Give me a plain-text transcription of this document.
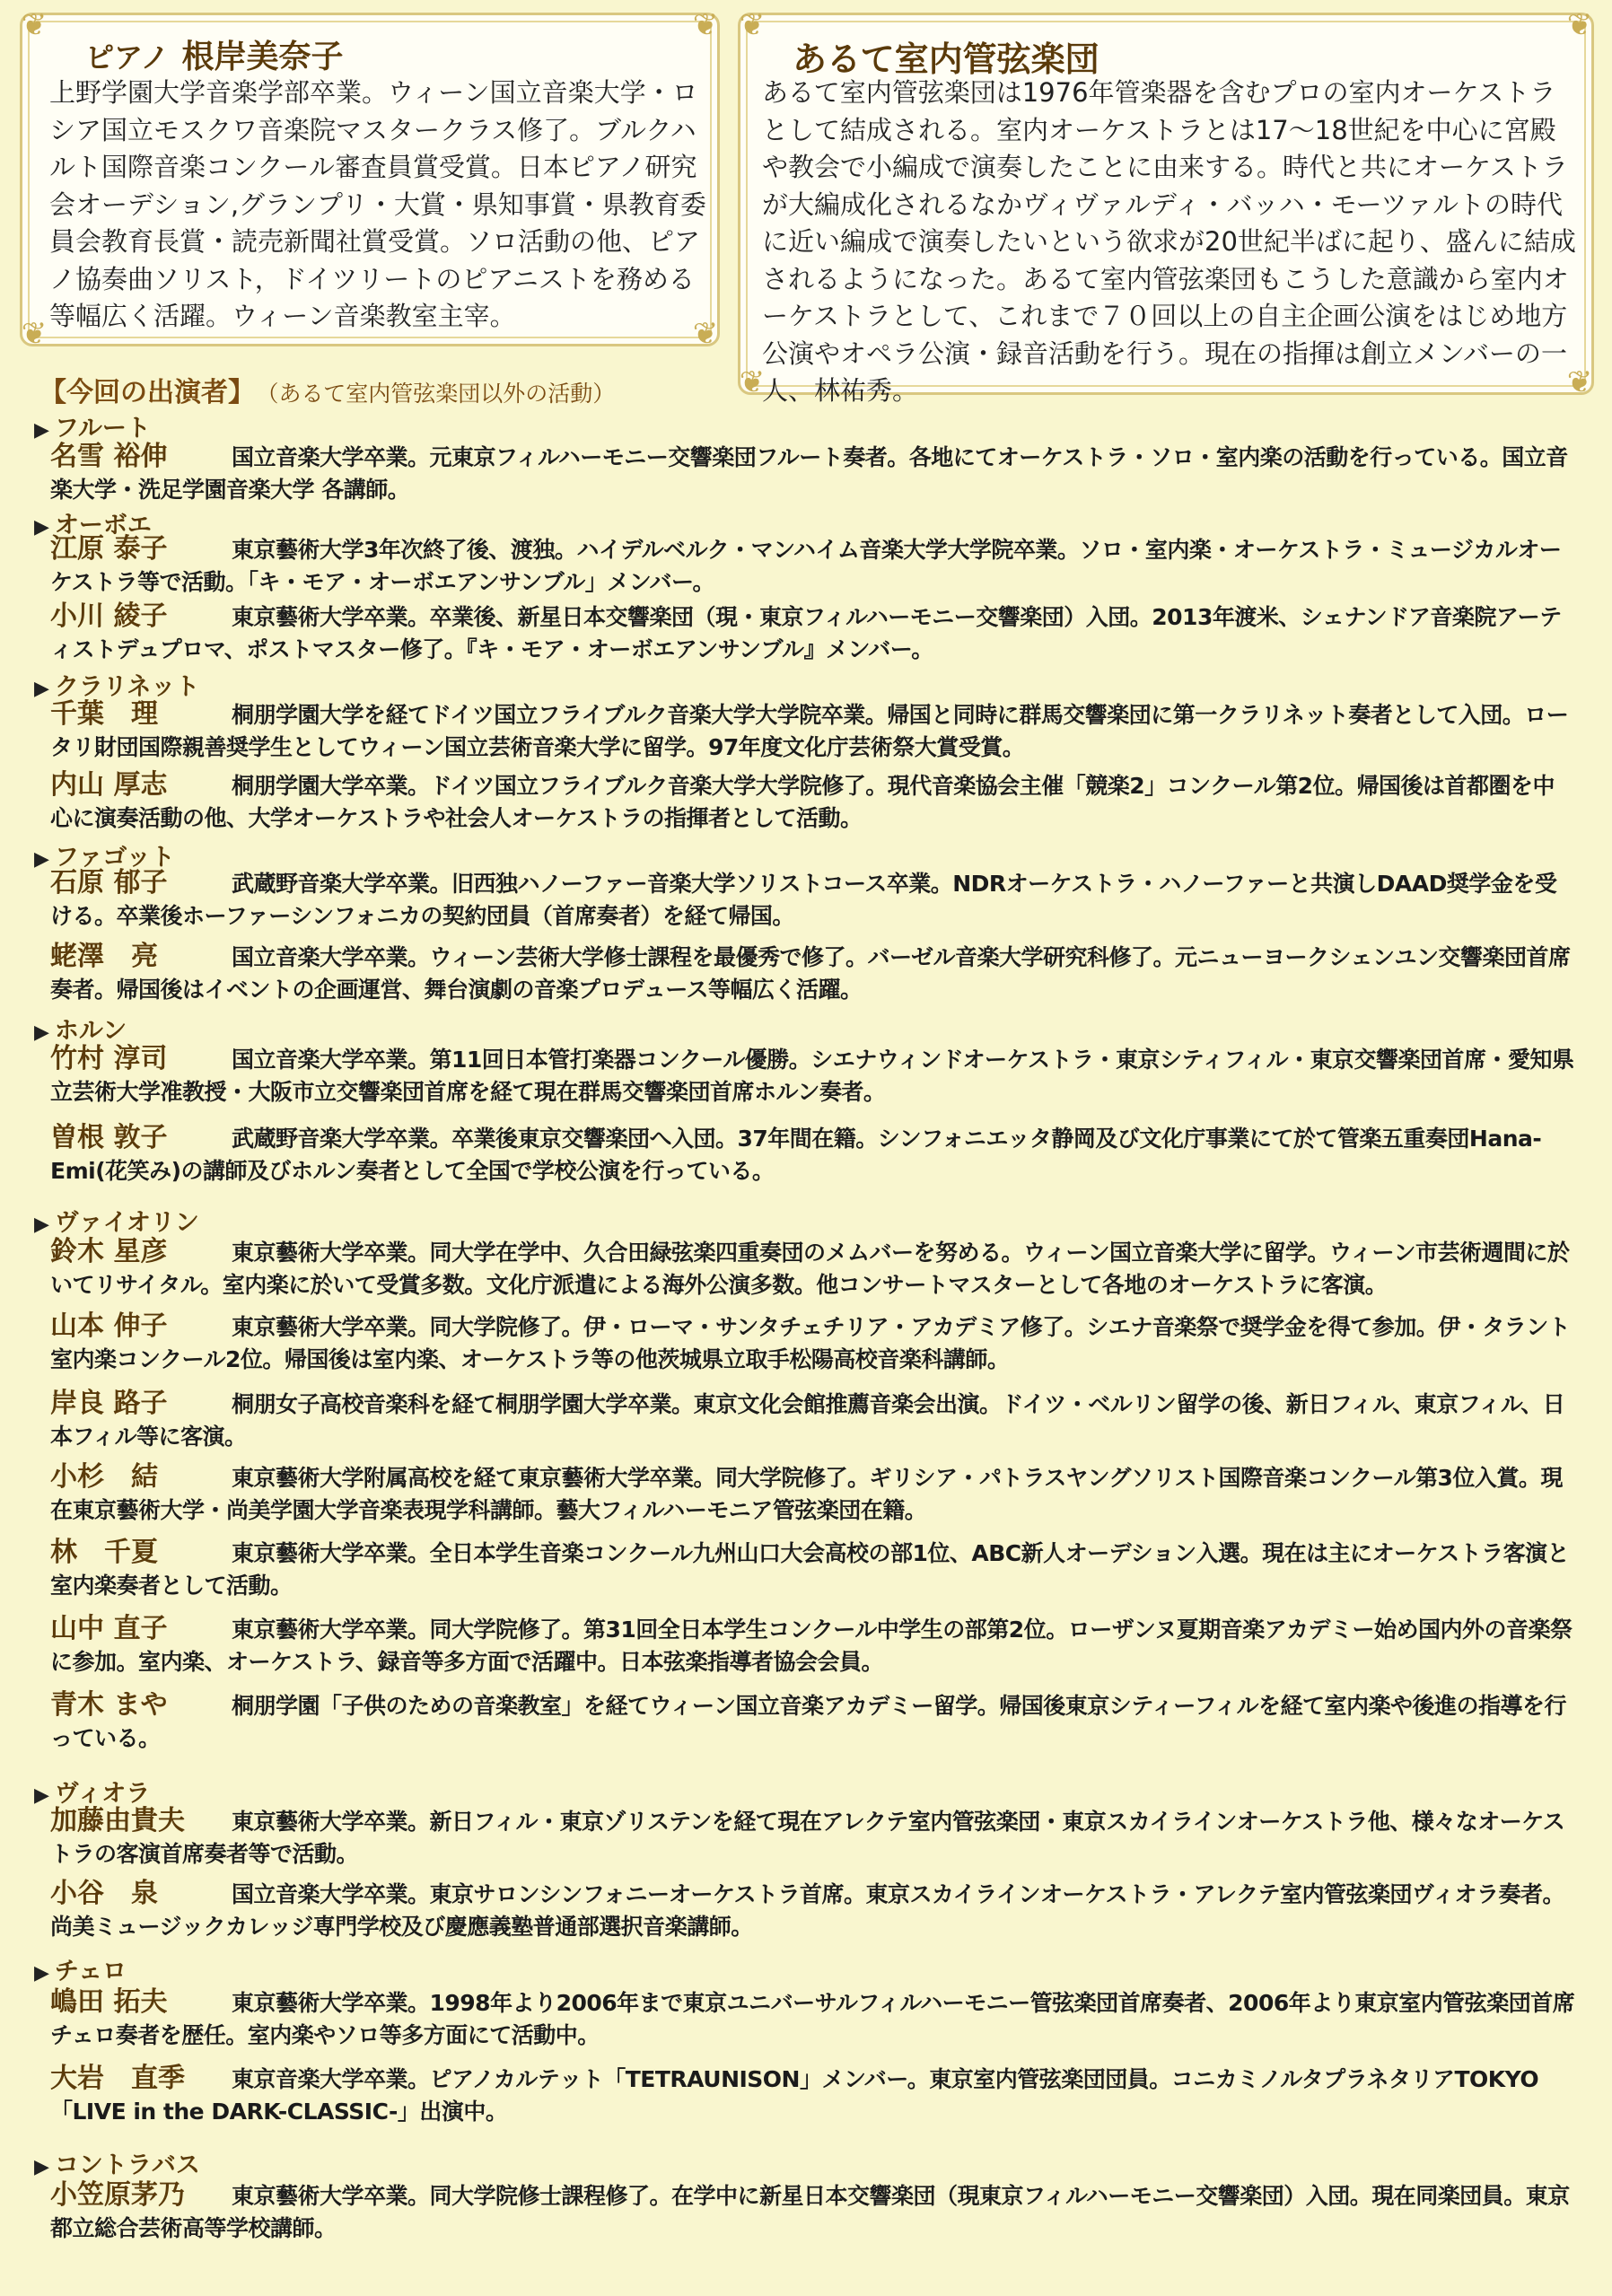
❦	❦
❦	❦
ピアノ 根岸美奈子
上野学園大学音楽学部卒業。ウィーン国立音楽大学・ロシア国立モスクワ音楽院マスタークラス修了。ブルクハルト国際音楽コンクール審査員賞受賞。日本ピアノ研究会オーデション,グランプリ・大賞・県知事賞・県教育委員会教育長賞・読売新聞社賞受賞。ソロ活動の他、ピアノ協奏曲ソリスト，ドイツリートのピアニストを務める等幅広く活躍。ウィーン音楽教室主宰。
❦	❦
❦	❦
あるて室内管弦楽団
あるて室内管弦楽団は1976年管楽器を含むプロの室内オーケストラとして結成される。室内オーケストラとは17〜18世紀を中心に宮殿や教会で小編成で演奏したことに由来する。時代と共にオーケストラが大編成化されるなかヴィヴァルディ・バッハ・モーツァルトの時代に近い編成で演奏したいという欲求が20世紀半ばに起り、盛んに結成されるようになった。あるて室内管弦楽団もこうした意識から室内オーケストラとして、これまで７０回以上の自主企画公演をはじめ地方公演やオペラ公演・録音活動を行う。現在の指揮は創立メンバーの一人、林祐秀。
【今回の出演者】 （あるて室内管弦楽団以外の活動）
▶ フルート
▶ オーボエ
▶ クラリネット
▶ ファゴット
▶ ホルン
▶ ヴァイオリン
▶ ヴィオラ
▶ チェロ
▶ コントラバス
名雪 裕伸	国立音楽大学卒業。元東京フィルハーモニー交響楽団フルート奏者。各地にてオーケストラ・ソロ・室内楽の活動を行っている。国立音楽大学・洗足学園音楽大学 各講師。
江原 泰子	東京藝術大学3年次終了後、渡独。ハイデルベルク・マンハイム音楽大学大学院卒業。ソロ・室内楽・オーケストラ・ミュージカルオーケストラ等で活動。「キ・モア・オーボエアンサンブル」メンバー。
小川 綾子	東京藝術大学卒業。卒業後、新星日本交響楽団（現・東京フィルハーモニー交響楽団）入団。2013年渡米、シェナンドア音楽院アーティストデュプロマ、ポストマスター修了。『キ・モア・オーボエアンサンブル』メンバー。
千葉　理	桐朋学園大学を経てドイツ国立フライブルク音楽大学大学院卒業。帰国と同時に群馬交響楽団に第一クラリネット奏者として入団。ロータリ財団国際親善奨学生としてウィーン国立芸術音楽大学に留学。97年度文化庁芸術祭大賞受賞。
内山 厚志	桐朋学園大学卒業。ドイツ国立フライブルク音楽大学大学院修了。現代音楽協会主催「競楽2」コンクール第2位。帰国後は首都圏を中心に演奏活動の他、大学オーケストラや社会人オーケストラの指揮者として活動。
石原 郁子	武蔵野音楽大学卒業。旧西独ハノーファー音楽大学ソリストコース卒業。NDRオーケストラ・ハノーファーと共演しDAAD奨学金を受ける。卒業後ホーファーシンフォニカの契約団員（首席奏者）を経て帰国。
蛯澤　亮	国立音楽大学卒業。ウィーン芸術大学修士課程を最優秀で修了。バーゼル音楽大学研究科修了。元ニューヨークシェンユン交響楽団首席奏者。帰国後はイベントの企画運営、舞台演劇の音楽プロデュース等幅広く活躍。
竹村 淳司	国立音楽大学卒業。第11回日本管打楽器コンクール優勝。シエナウィンドオーケストラ・東京シティフィル・東京交響楽団首席・愛知県立芸術大学准教授・大阪市立交響楽団首席を経て現在群馬交響楽団首席ホルン奏者。
曽根 敦子	武蔵野音楽大学卒業。卒業後東京交響楽団へ入団。37年間在籍。シンフォニエッタ静岡及び文化庁事業にて於て管楽五重奏団Hana-Emi(花笑み)の講師及びホルン奏者として全国で学校公演を行っている。
鈴木 星彦	東京藝術大学卒業。同大学在学中、久合田緑弦楽四重奏団のメムバーを努める。ウィーン国立音楽大学に留学。ウィーン市芸術週間に於いてリサイタル。室内楽に於いて受賞多数。文化庁派遣による海外公演多数。他コンサートマスターとして各地のオーケストラに客演。
山本 伸子	東京藝術大学卒業。同大学院修了。伊・ローマ・サンタチェチリア・アカデミア修了。シエナ音楽祭で奨学金を得て参加。伊・タラント室内楽コンクール2位。帰国後は室内楽、オーケストラ等の他茨城県立取手松陽高校音楽科講師。
岸良 路子	桐朋女子高校音楽科を経て桐朋学園大学卒業。東京文化会館推薦音楽会出演。ドイツ・ベルリン留学の後、新日フィル、東京フィル、日本フィル等に客演。
小杉　結	東京藝術大学附属高校を経て東京藝術大学卒業。同大学院修了。ギリシア・パトラスヤングソリスト国際音楽コンクール第3位入賞。現在東京藝術大学・尚美学園大学音楽表現学科講師。藝大フィルハーモニア管弦楽団在籍。
林　千夏	東京藝術大学卒業。全日本学生音楽コンクール九州山口大会高校の部1位、ABC新人オーデション入選。現在は主にオーケストラ客演と室内楽奏者として活動。
山中 直子	東京藝術大学卒業。同大学院修了。第31回全日本学生コンクール中学生の部第2位。ローザンヌ夏期音楽アカデミー始め国内外の音楽祭に参加。室内楽、オーケストラ、録音等多方面で活躍中。日本弦楽指導者協会会員。
青木 まや	桐朋学園「子供のための音楽教室」を経てウィーン国立音楽アカデミー留学。帰国後東京シティーフィルを経て室内楽や後進の指導を行っている。
加藤由貴夫 東京藝術大学卒業。新日フィル・東京ゾリステンを経て現在アレクテ室内管弦楽団・東京スカイラインオーケストラ他、様々なオーケストラの客演首席奏者等で活動。
小谷　泉	国立音楽大学卒業。東京サロンシンフォニーオーケストラ首席。東京スカイラインオーケストラ・アレクテ室内管弦楽団ヴィオラ奏者。尚美ミュージックカレッジ専門学校及び慶應義塾普通部選択音楽講師。
嶋田 拓夫	東京藝術大学卒業。1998年より2006年まで東京ユニバーサルフィルハーモニー管弦楽団首席奏者、2006年より東京室内管弦楽団首席チェロ奏者を歴任。室内楽やソロ等多方面にて活動中。
大岩　直季 東京音楽大学卒業。ピアノカルテット「TETRAUNISON」メンバー。東京室内管弦楽団団員。コニカミノルタプラネタリアTOKYO「LIVE in the DARK-CLASSIC-」出演中。
小笠原茅乃 東京藝術大学卒業。同大学院修士課程修了。在学中に新星日本交響楽団（現東京フィルハーモニー交響楽団）入団。現在同楽団員。東京都立総合芸術高等学校講師。
